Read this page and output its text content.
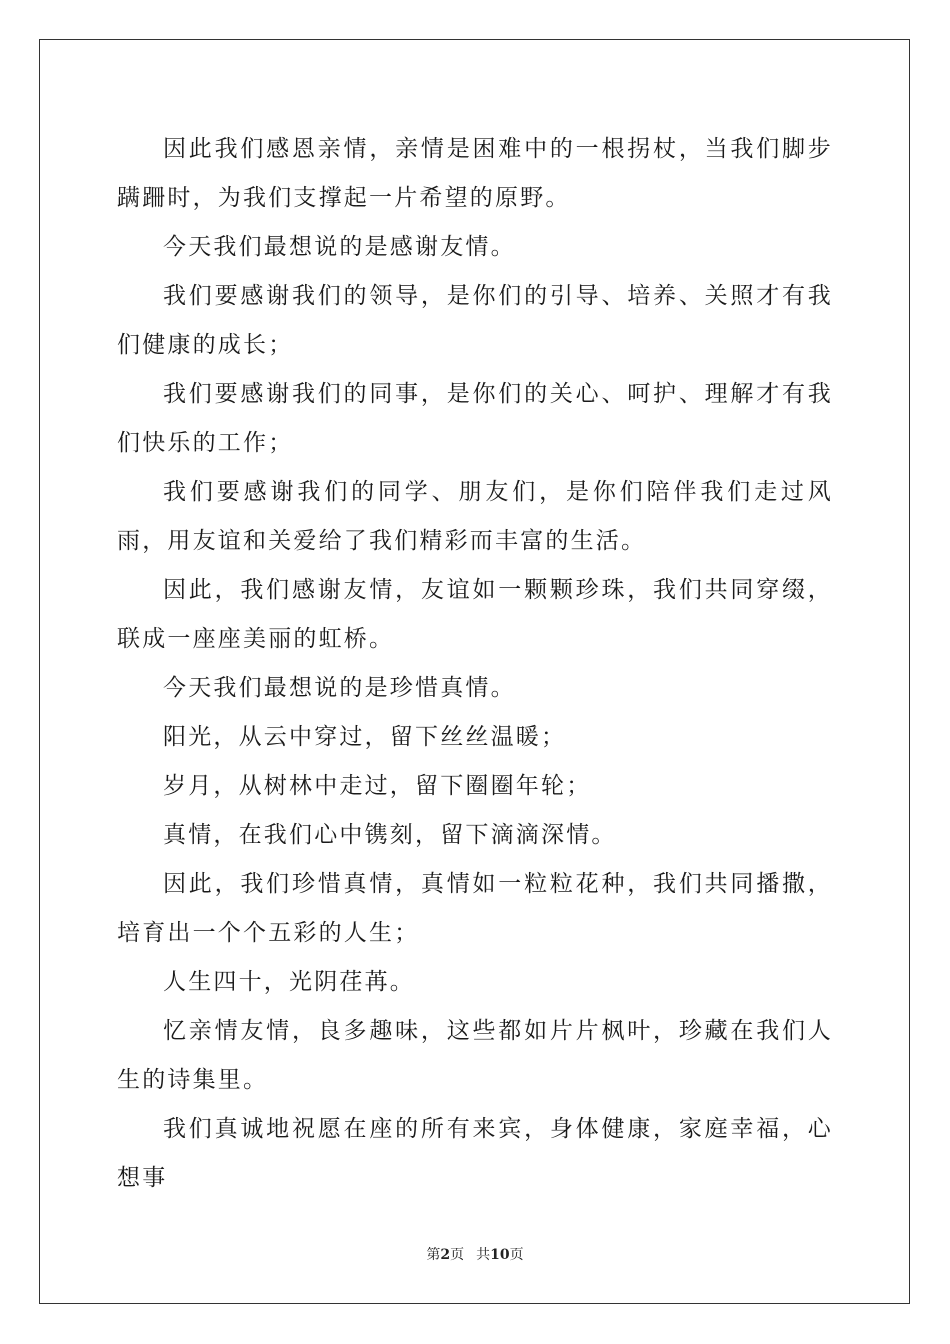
因此我们感恩亲情，亲情是困难中的一根拐杖，当我们脚步蹒跚时，为我们支撑起一片希望的原野。

今天我们最想说的是感谢友情。

我们要感谢我们的领导，是你们的引导、培养、关照才有我们健康的成长；

我们要感谢我们的同事，是你们的关心、呵护、理解才有我们快乐的工作；

我们要感谢我们的同学、朋友们，是你们陪伴我们走过风雨，用友谊和关爱给了我们精彩而丰富的生活。

因此，我们感谢友情，友谊如一颗颗珍珠，我们共同穿缀，联成一座座美丽的虹桥。

今天我们最想说的是珍惜真情。

阳光，从云中穿过，留下丝丝温暖；

岁月，从树林中走过，留下圈圈年轮；

真情，在我们心中镌刻，留下滴滴深情。

因此，我们珍惜真情，真情如一粒粒花种，我们共同播撒，培育出一个个五彩的人生；

人生四十，光阴荏苒。

忆亲情友情，良多趣味，这些都如片片枫叶，珍藏在我们人生的诗集里。

我们真诚地祝愿在座的所有来宾，身体健康，家庭幸福，心想事

第2页 共10页
